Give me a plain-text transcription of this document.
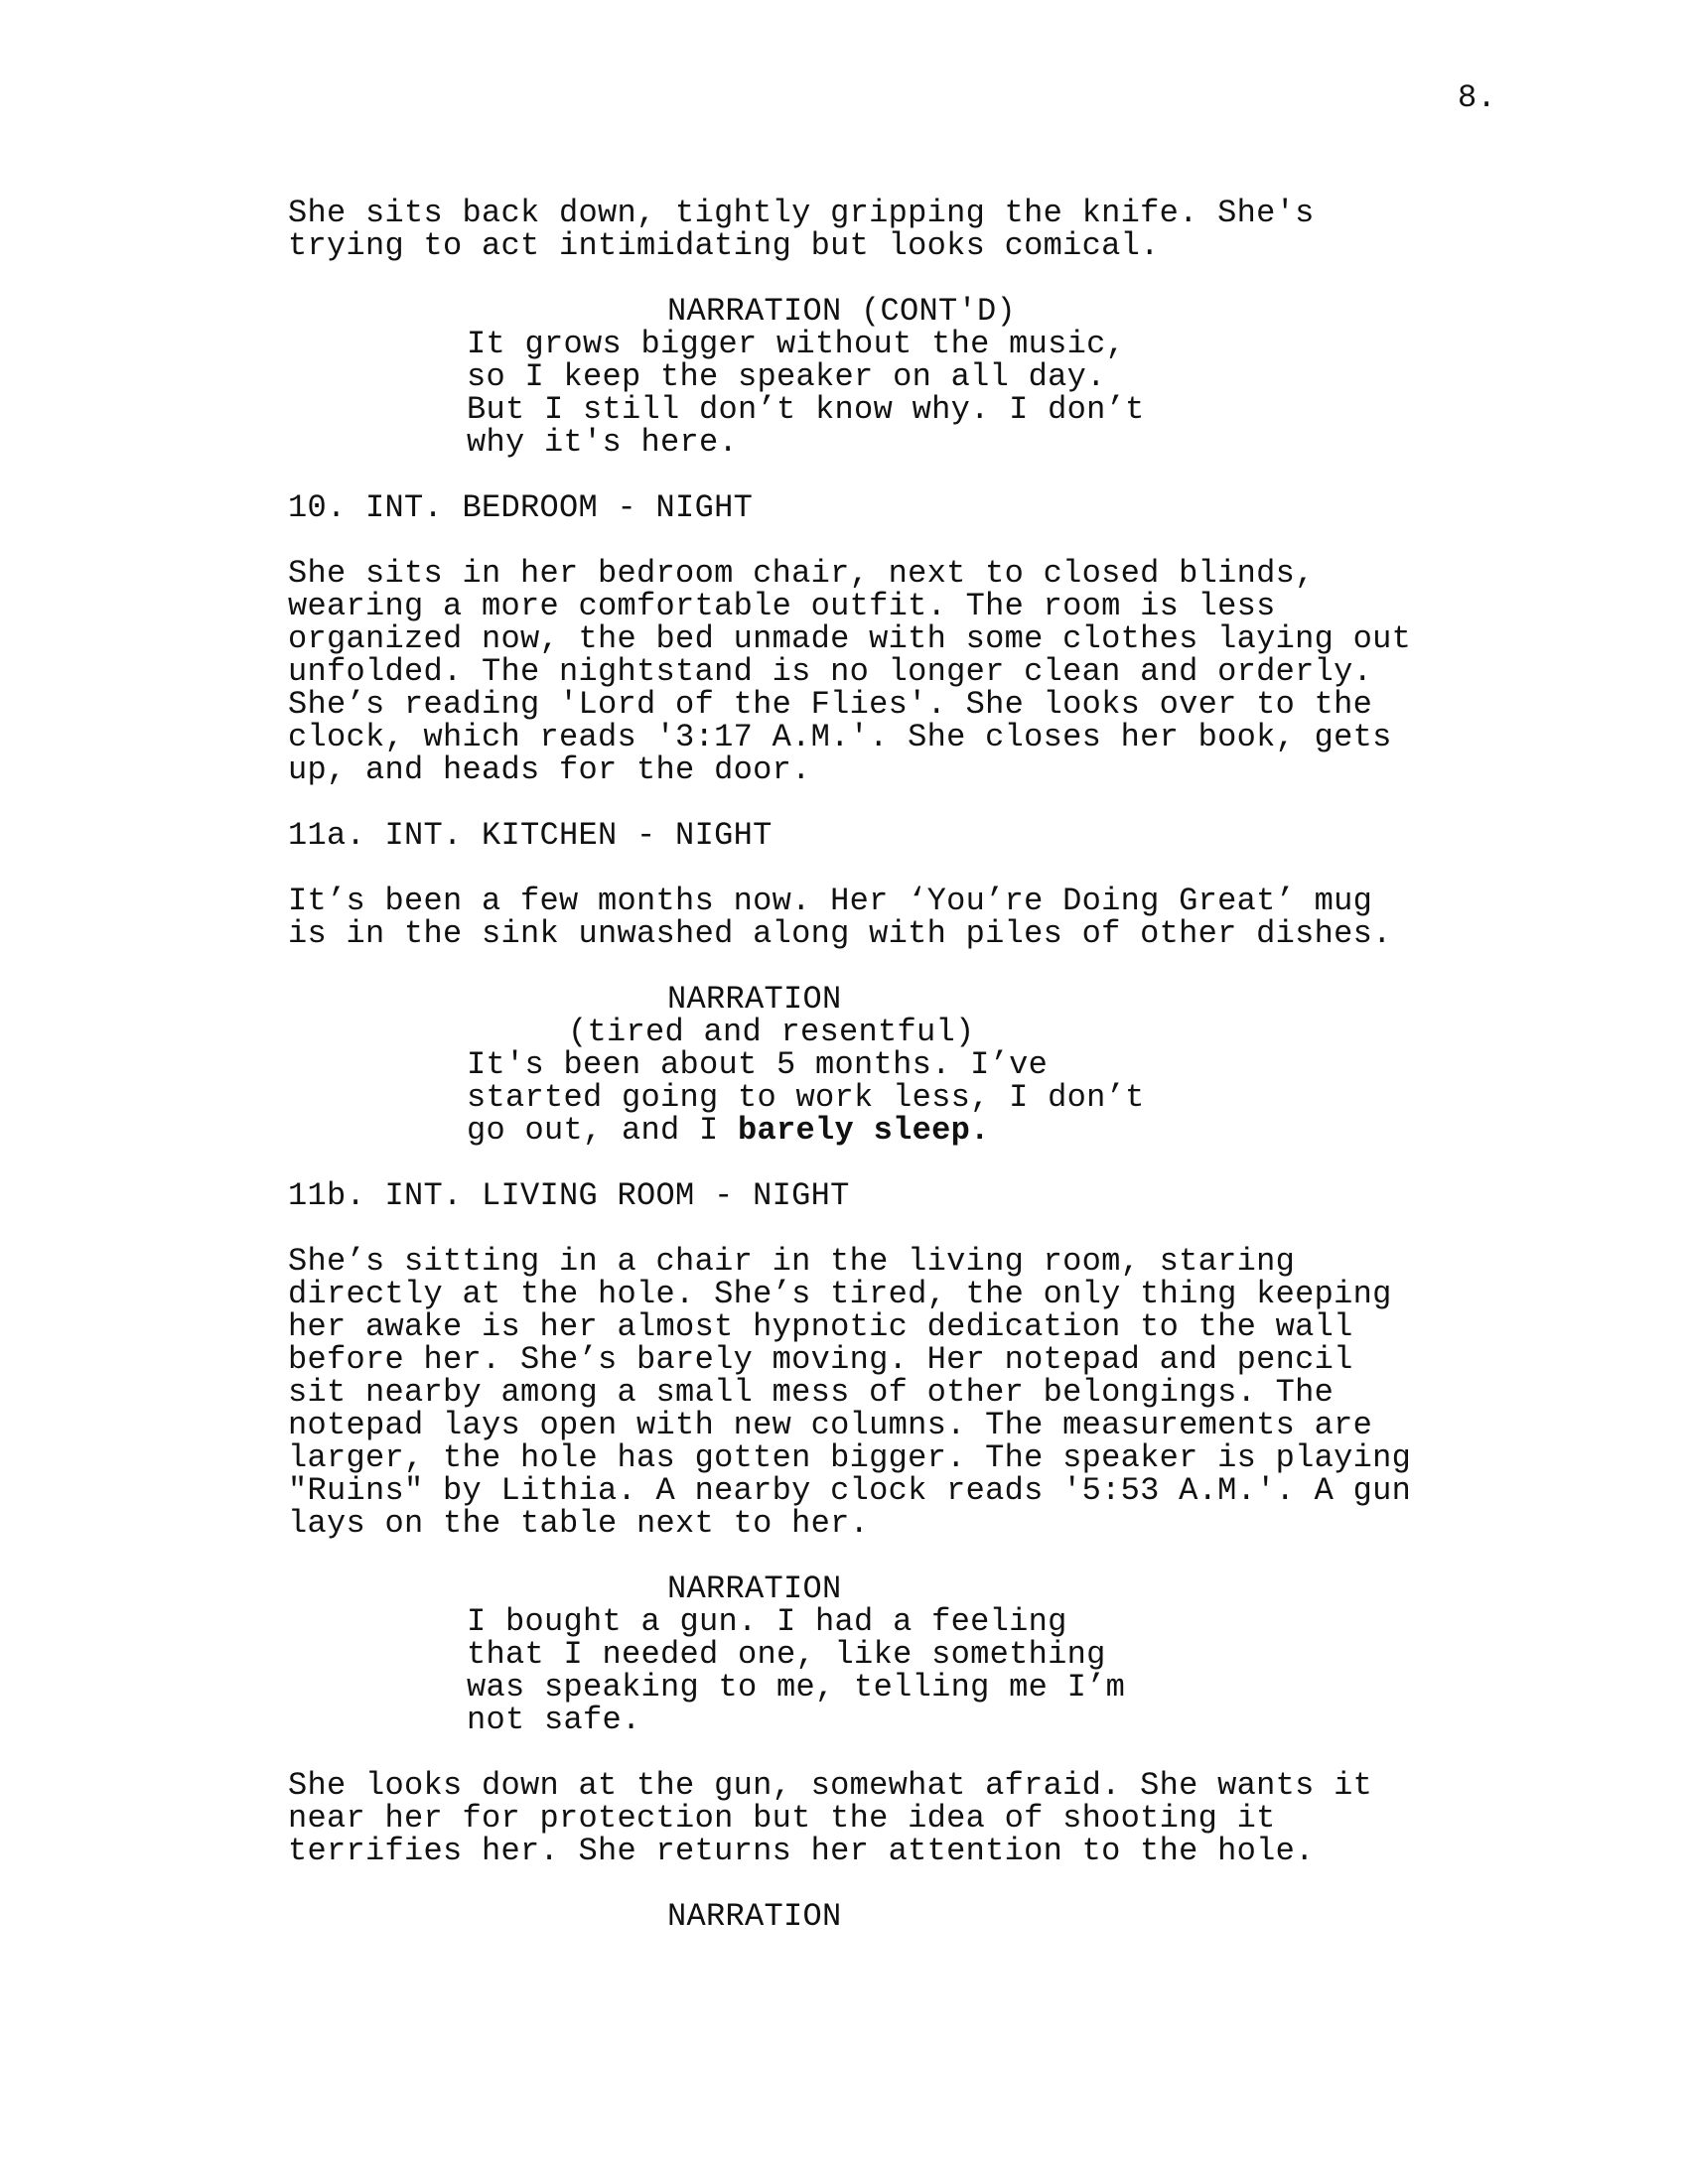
8.

She sits back down, tightly gripping the knife. She's

trying to act intimidating but looks comical.

NARRATION (CONT'D)

It grows bigger without the music,

so I keep the speaker on all day.

But I still don’t know why. I don’t

why it's here.

10. INT. BEDROOM - NIGHT

She sits in her bedroom chair, next to closed blinds,

wearing a more comfortable outfit. The room is less

organized now, the bed unmade with some clothes laying out

unfolded. The nightstand is no longer clean and orderly.

She’s reading 'Lord of the Flies'. She looks over to the

clock, which reads '3:17 A.M.'. She closes her book, gets

up, and heads for the door.

11a. INT. KITCHEN - NIGHT

It’s been a few months now. Her ‘You’re Doing Great’ mug

is in the sink unwashed along with piles of other dishes.

NARRATION

(tired and resentful)

It's been about 5 months. I’ve

started going to work less, I don’t

go out, and I barely sleep.

11b. INT. LIVING ROOM - NIGHT

She’s sitting in a chair in the living room, staring

directly at the hole. She’s tired, the only thing keeping

her awake is her almost hypnotic dedication to the wall

before her. She’s barely moving. Her notepad and pencil

sit nearby among a small mess of other belongings. The

notepad lays open with new columns. The measurements are

larger, the hole has gotten bigger. The speaker is playing

"Ruins" by Lithia. A nearby clock reads '5:53 A.M.'. A gun

lays on the table next to her.

NARRATION

I bought a gun. I had a feeling

that I needed one, like something

was speaking to me, telling me I’m

not safe.

She looks down at the gun, somewhat afraid. She wants it

near her for protection but the idea of shooting it

terrifies her. She returns her attention to the hole.

NARRATION
